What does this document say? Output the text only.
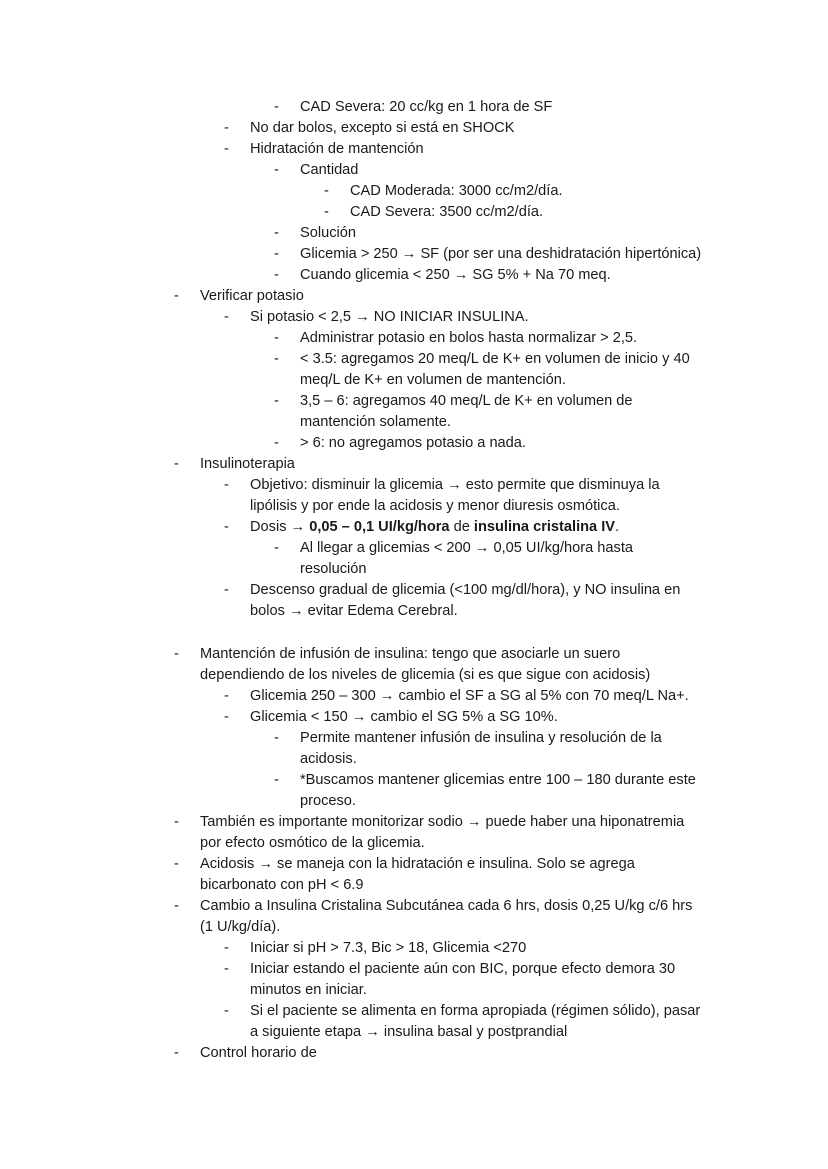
-	CAD Severa: 20 cc/kg en 1 hora de SF
-	No dar bolos, excepto si está en SHOCK
-	Hidratación de mantención
-	Cantidad
-	CAD Moderada: 3000 cc/m2/día.
-	CAD Severa: 3500 cc/m2/día.
-	Solución
-	Glicemia > 250 → SF (por ser una deshidratación hipertónica)
-	Cuando glicemia < 250 → SG 5% + Na 70 meq.
-	Verificar potasio
-	Si potasio < 2,5 → NO INICIAR INSULINA.
-	Administrar potasio en bolos hasta normalizar > 2,5.
-	< 3.5: agregamos 20 meq/L de K+ en volumen de inicio y 40
meq/L de K+ en volumen de mantención.
-	3,5 – 6: agregamos 40 meq/L de K+ en volumen de
mantención solamente.
-	> 6: no agregamos potasio a nada.
-	Insulinoterapia
-	Objetivo: disminuir la glicemia → esto permite que disminuya la
lipólisis y por ende la acidosis y menor diuresis osmótica.
-	Dosis → 0,05 – 0,1 UI/kg/hora de insulina cristalina IV.
-	Al llegar a glicemias < 200 → 0,05 UI/kg/hora hasta
resolución
-	Descenso gradual de glicemia (<100 mg/dl/hora), y NO insulina en
bolos → evitar Edema Cerebral.
-	Mantención de infusión de insulina: tengo que asociarle un suero
dependiendo de los niveles de glicemia (si es que sigue con acidosis)
-	Glicemia 250 – 300 → cambio el SF a SG al 5% con 70 meq/L Na+.
-	Glicemia < 150 → cambio el SG 5% a SG 10%.
-	Permite mantener infusión de insulina y resolución de la
acidosis.
-	*Buscamos mantener glicemias entre 100 – 180 durante este
proceso.
-	También es importante monitorizar sodio → puede haber una hiponatremia
por efecto osmótico de la glicemia.
-	Acidosis → se maneja con la hidratación e insulina. Solo se agrega
bicarbonato con pH < 6.9
-	Cambio a Insulina Cristalina Subcutánea cada 6 hrs, dosis 0,25 U/kg c/6 hrs
(1 U/kg/día).
-	Iniciar si pH > 7.3, Bic > 18, Glicemia <270
-	Iniciar estando el paciente aún con BIC, porque efecto demora 30
minutos en iniciar.
-	Si el paciente se alimenta en forma apropiada (régimen sólido), pasar
a siguiente etapa → insulina basal y postprandial
-	Control horario de
